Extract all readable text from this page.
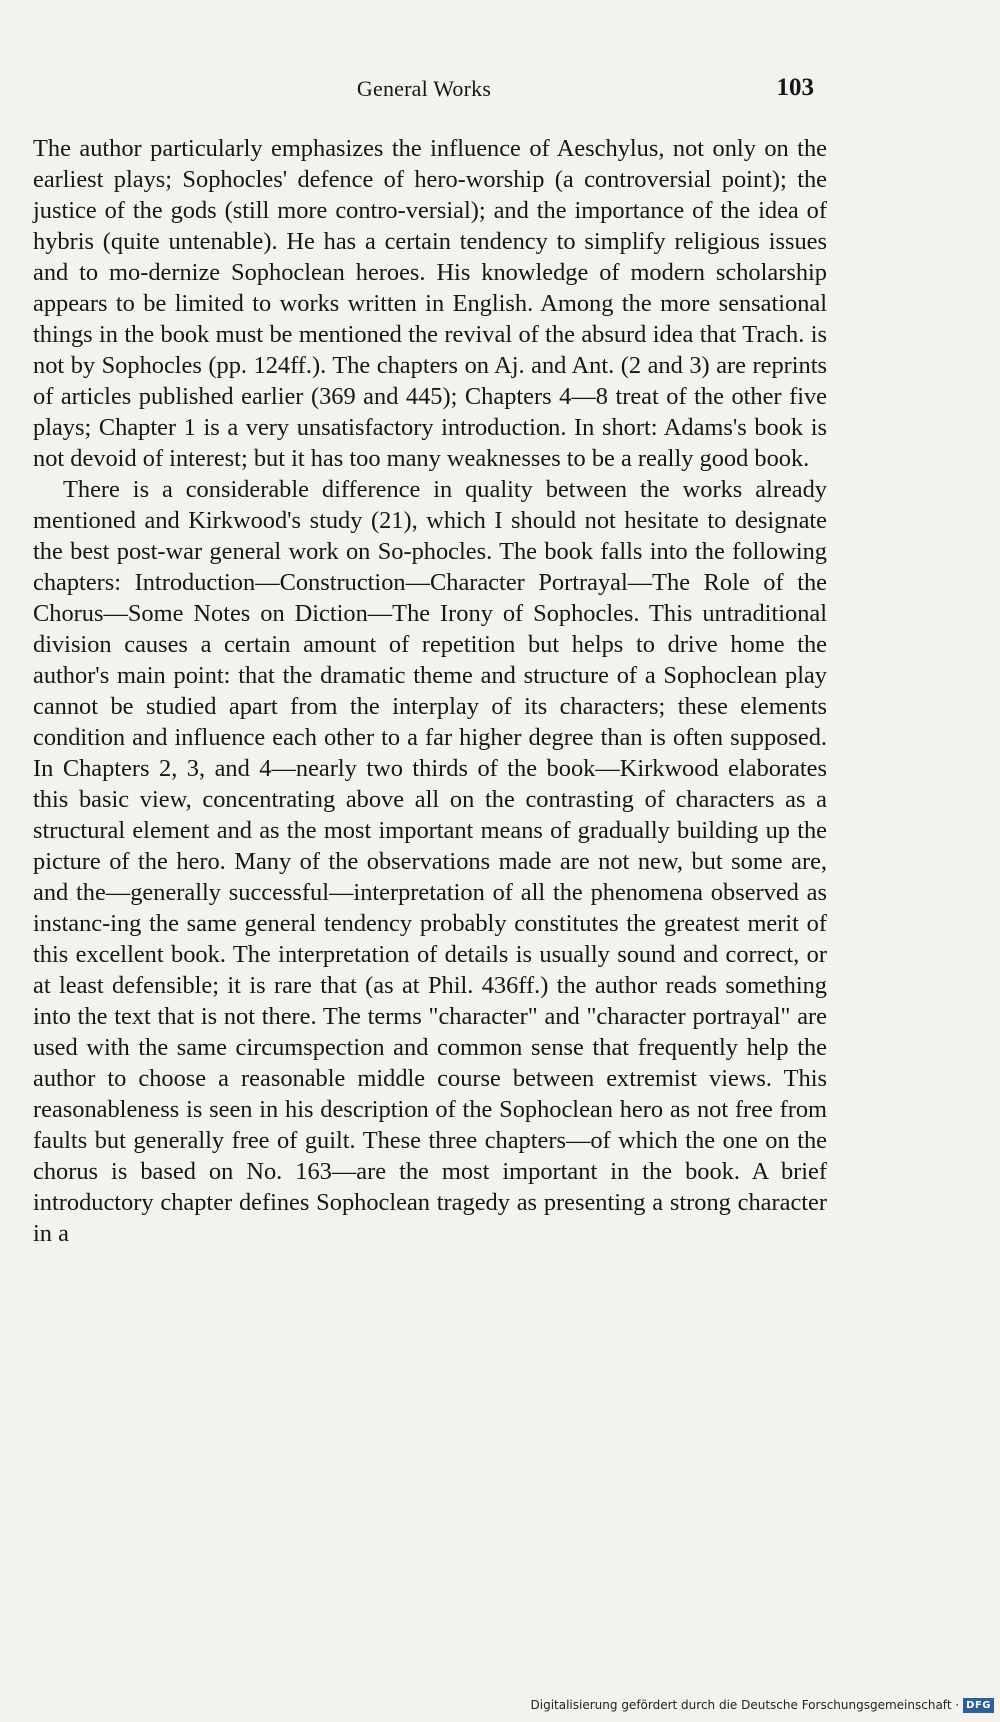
General Works	103

The author particularly emphasizes the influence of Aeschylus, not only on the earliest plays; Sophocles' defence of hero-worship (a controversial point); the justice of the gods (still more contro-versial); and the importance of the idea of hybris (quite untenable). He has a certain tendency to simplify religious issues and to mo-dernize Sophoclean heroes. His knowledge of modern scholarship appears to be limited to works written in English. Among the more sensational things in the book must be mentioned the revival of the absurd idea that Trach. is not by Sophocles (pp. 124ff.). The chapters on Aj. and Ant. (2 and 3) are reprints of articles published earlier (369 and 445); Chapters 4—8 treat of the other five plays; Chapter 1 is a very unsatisfactory introduction. In short: Adams's book is not devoid of interest; but it has too many weaknesses to be a really good book.

There is a considerable difference in quality between the works already mentioned and Kirkwood's study (21), which I should not hesitate to designate the best post-war general work on So-phocles. The book falls into the following chapters: Introduction—Construction—Character Portrayal—The Role of the Chorus—Some Notes on Diction—The Irony of Sophocles. This untraditional division causes a certain amount of repetition but helps to drive home the author's main point: that the dramatic theme and structure of a Sophoclean play cannot be studied apart from the interplay of its characters; these elements condition and influence each other to a far higher degree than is often supposed. In Chapters 2, 3, and 4—nearly two thirds of the book—Kirkwood elaborates this basic view, concentrating above all on the contrasting of characters as a structural element and as the most important means of gradually building up the picture of the hero. Many of the observations made are not new, but some are, and the—generally successful—interpretation of all the phenomena observed as instanc-ing the same general tendency probably constitutes the greatest merit of this excellent book. The interpretation of details is usually sound and correct, or at least defensible; it is rare that (as at Phil. 436ff.) the author reads something into the text that is not there. The terms "character" and "character portrayal" are used with the same circumspection and common sense that frequently help the author to choose a reasonable middle course between extremist views. This reasonableness is seen in his description of the Sophoclean hero as not free from faults but generally free of guilt. These three chapters—of which the one on the chorus is based on No. 163—are the most important in the book. A brief introductory chapter defines Sophoclean tragedy as presenting a strong character in a

Digitalisierung gefördert durch die Deutsche Forschungsgemeinschaft · DFG
